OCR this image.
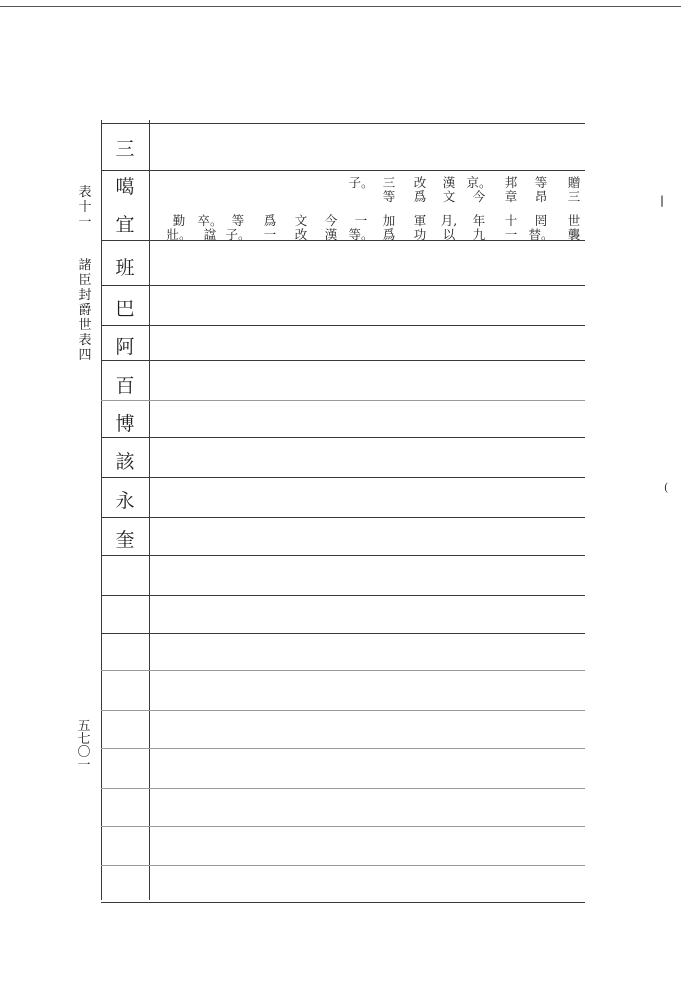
表
十
一
諸
臣
封
爵
世
表
四
五
七
〇
一
三
噶
宜
班
巴
阿
百
博
該
永
奎
贈
三
等
昂
邦
章
京。
今
漢
文
改
爲
三
等
子。
世
襲
罔
替。
十
一
年
九
月,
以
軍
功
加
爲
一
等。
今
漢
文
改
爲
一
等
子。
卒。
諡
勤
壯。
|
(
